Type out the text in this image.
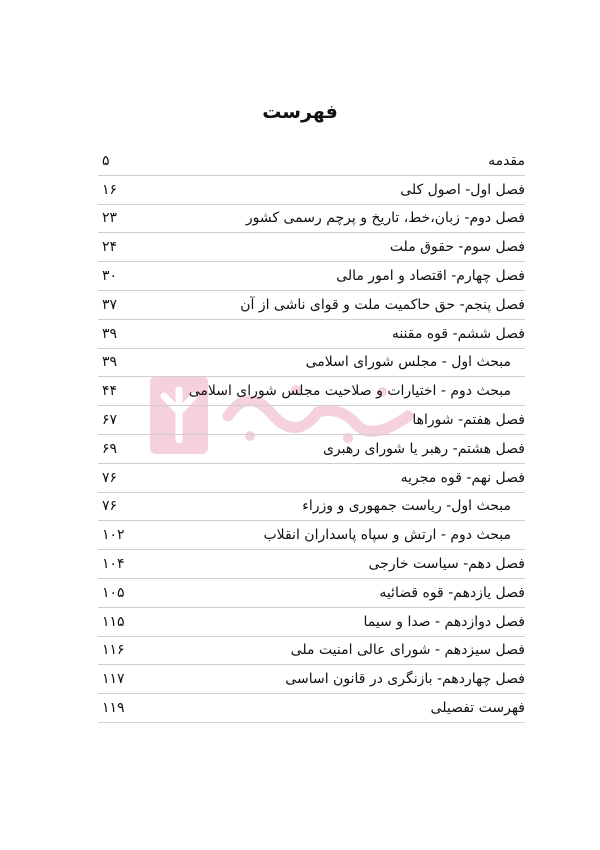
فهرست
مقدمه
۵
فصل اول- اصول کلی
۱۶
فصل دوم- زبان،خط، تاریخ و پرچم رسمی کشور
۲۳
فصل سوم- حقوق ملت
۲۴
فصل چهارم- اقتصاد و امور مالی
۳۰
فصل پنجم- حق حاکمیت ملت و قوای ناشی از آن
۳۷
فصل ششم- قوه مقننه
۳۹
مبحث اول - مجلس شورای اسلامی
۳۹
مبحث دوم - اختیارات و صلاحیت مجلس شورای اسلامی
۴۴
فصل هفتم- شوراها
۶۷
فصل هشتم- رهبر یا شورای رهبری
۶۹
فصل نهم- قوه مجریه
۷۶
مبحث اول- ریاست جمهوری و وزراء
۷۶
مبحث دوم - ارتش و سپاه پاسداران انقلاب
۱۰۲
فصل دهم- سیاست خارجی
۱۰۴
فصل یازدهم- قوه قضائیه
۱۰۵
فصل دوازدهم - صدا و سیما
۱۱۵
فصل سیزدهم - شورای عالی امنیت ملی
۱۱۶
فصل چهاردهم- بازنگری در قانون اساسی
۱۱۷
فهرست تفصیلی
۱۱۹
